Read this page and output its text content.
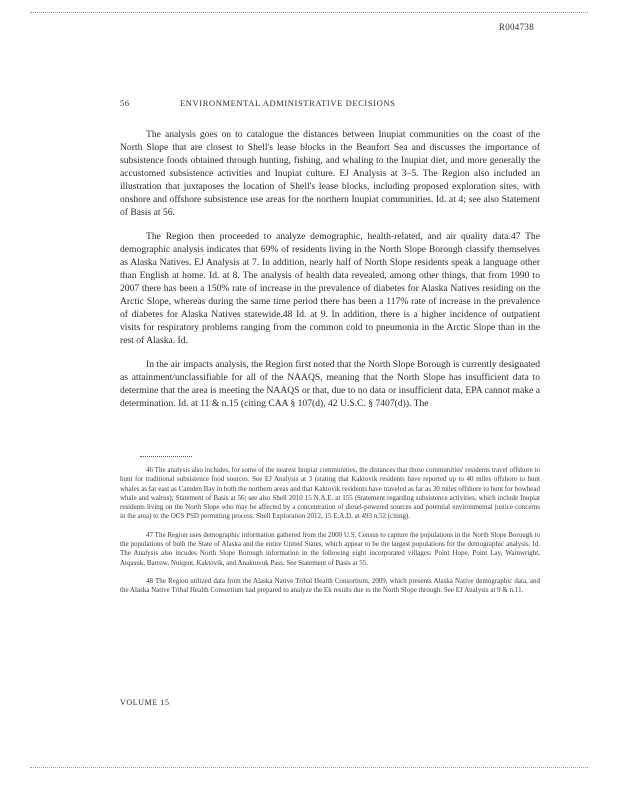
R004738
56	ENVIRONMENTAL ADMINISTRATIVE DECISIONS

The analysis goes on to catalogue the distances between Inupiat communities on the coast of the North Slope that are closest to Shell's lease blocks in the Beaufort Sea and discusses the importance of subsistence foods obtained through hunting, fishing, and whaling to the Inupiat diet, and more generally the accustomed subsistence activities and Inupiat culture. EJ Analysis at 3–5. The Region also included an illustration that juxtaposes the location of Shell's lease blocks, including proposed exploration sites, with onshore and offshore subsistence use areas for the northern Inupiat communities. Id. at 4; see also Statement of Basis at 56.

The Region then proceeded to analyze demographic, health-related, and air quality data.47 The demographic analysis indicates that 69% of residents living in the North Slope Borough classify themselves as Alaska Natives. EJ Analysis at 7. In addition, nearly half of North Slope residents speak a language other than English at home. Id. at 8. The analysis of health data revealed, among other things, that from 1990 to 2007 there has been a 150% rate of increase in the prevalence of diabetes for Alaska Natives residing on the Arctic Slope, whereas during the same time period there has been a 117% rate of increase in the prevalence of diabetes for Alaska Natives statewide.48 Id. at 9. In addition, there is a higher incidence of outpatient visits for respiratory problems ranging from the common cold to pneumonia in the Arctic Slope than in the rest of Alaska. Id.

In the air impacts analysis, the Region first noted that the North Slope Borough is currently designated as attainment/unclassifiable for all of the NAAQS, meaning that the North Slope has insufficient data to determine that the area is meeting the NAAQS or that, due to no data or insufficient data, EPA cannot make a determination. Id. at 11 & n.15 (citing CAA § 107(d), 42 U.S.C. § 7407(d)). The

46 The analysis also includes, for some of the nearest Inupiat communities, the distances that those communities' residents travel offshore to hunt for traditional subsistence food sources. See EJ Analysis at 3 (stating that Kaktovik residents have reported up to 40 miles offshore to hunt whales as far east as Camden Bay in both the northern areas and that Kaktovik residents have traveled as far as 30 miles offshore to hunt for bowhead whale and walrus); Statement of Basis at 56; see also Shell 2010 15 N.A.E. at 155 (Statement regarding subsistence activities, which include Inupiat residents living on the North Slope who may be affected by a concentration of diesel-powered sources and potential environmental justice concerns in the area) to the OCS PSD permitting process. Shell Exploration 2012, 15 E.A.D. at 493 n.52 (citing).

47 The Region uses demographic information gathered from the 2000 U.S. Census to capture the populations in the North Slope Borough to the populations of both the State of Alaska and the entire United States, which appear to be the largest populations for the demographic analysis. Id. The Analysis also incudes North Slope Borough information in the following eight incorporated villages: Point Hope, Point Lay, Wainwright, Atqasuk, Barrow, Nuiqsut, Kaktovik, and Anaktuvuk Pass. See Statement of Basis at 55.

48 The Region utilized data from the Alaska Native Tribal Health Consortium, 2009, which presents Alaska Native demographic data, and the Alaska Native Tribal Health Consortium had prepared to analyze the Ek results due to the North Slope through. See EJ Analysis at 9 & n.11.

VOLUME 15
